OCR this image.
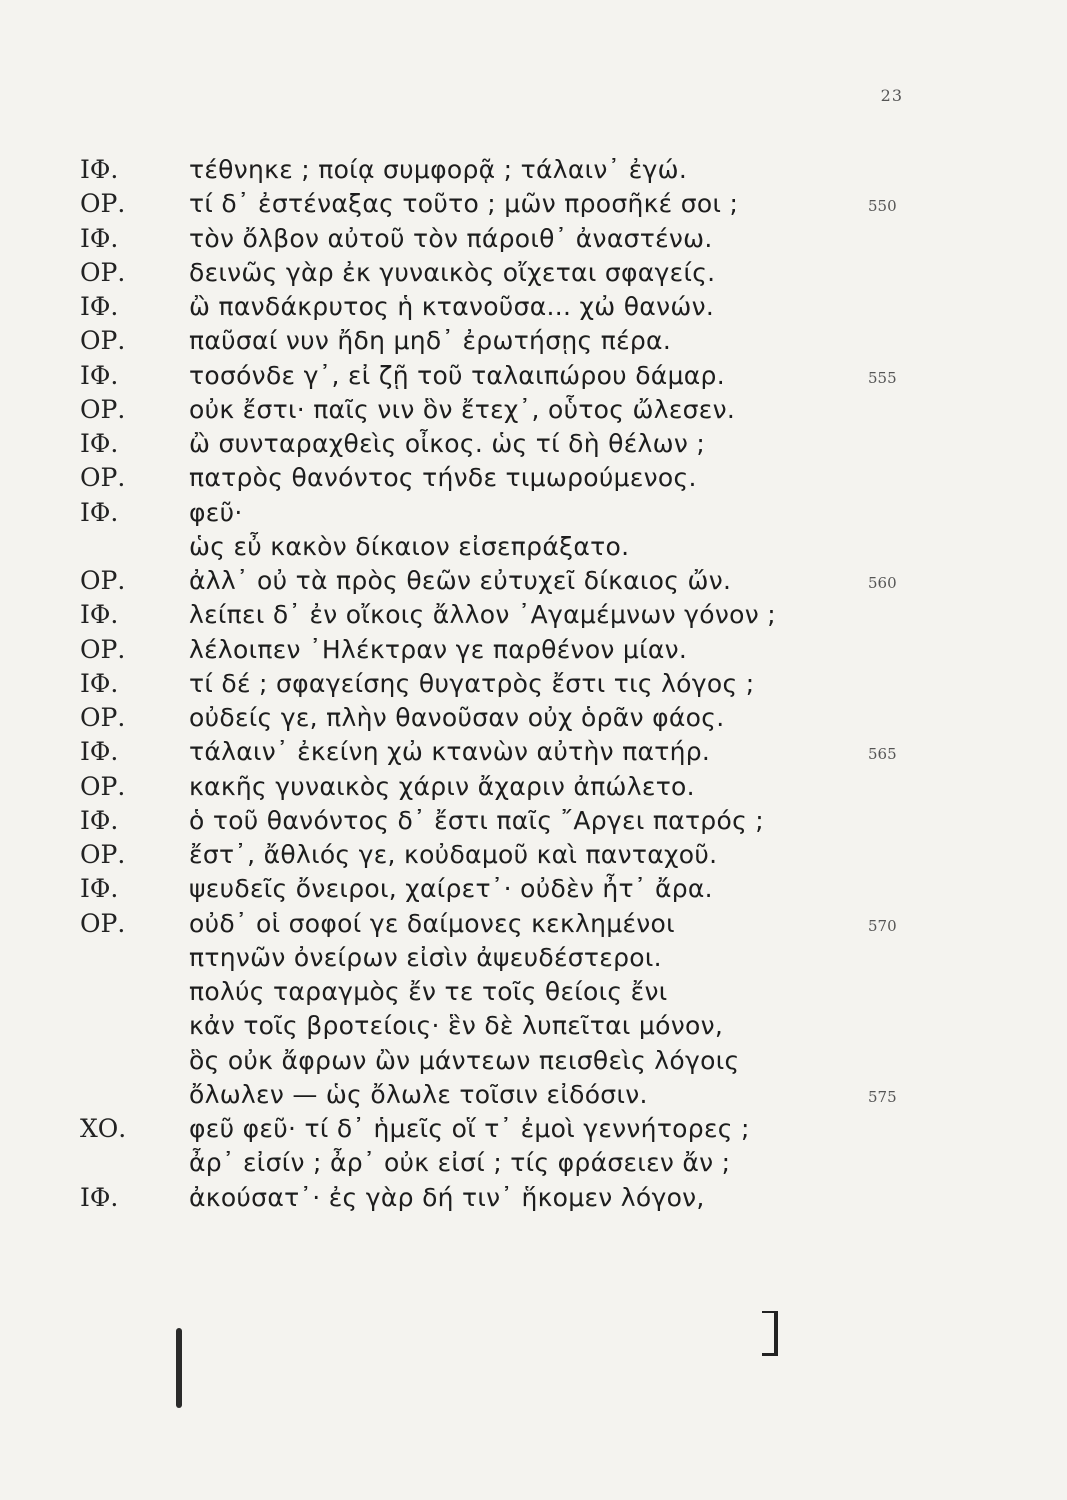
23
ΙΦ.	τέθνηκε ; ποίᾳ συμφορᾷ ; τάλαιν᾽ ἐγώ.
ΟΡ.	τί δ᾽ ἐστέναξας τοῦτο ; μῶν προσῆκέ σοι ;	550
ΙΦ.	τὸν ὄλβον αὐτοῦ τὸν πάροιθ᾽ ἀναστένω.
ΟΡ.	δεινῶς γὰρ ἐκ γυναικὸς οἴχεται σφαγείς.
ΙΦ.	ὢ πανδάκρυτος ἡ κτανοῦσα... χὠ θανών.
ΟΡ.	παῦσαί νυν ἤδη μηδ᾽ ἐρωτήσῃς πέρα.
ΙΦ.	τοσόνδε γ᾽, εἰ ζῇ τοῦ ταλαιπώρου δάμαρ.	555
ΟΡ.	οὐκ ἔστι· παῖς νιν ὃν ἔτεχ᾽, οὗτος ὤλεσεν.
ΙΦ.	ὢ συνταραχθεὶς οἶκος. ὡς τί δὴ θέλων ;
ΟΡ.	πατρὸς θανόντος τήνδε τιμωρούμενος.
ΙΦ.	φεῦ·
ὡς εὖ κακὸν δίκαιον εἰσεπράξατο.
ΟΡ.	ἀλλ᾽ οὐ τὰ πρὸς θεῶν εὐτυχεῖ δίκαιος ὤν.	560
ΙΦ.	λείπει δ᾽ ἐν οἴκοις ἄλλον ᾽Αγαμέμνων γόνον ;
ΟΡ.	λέλοιπεν ᾽Ηλέκτραν γε παρθένον μίαν.
ΙΦ.	τί δέ ; σφαγείσης θυγατρὸς ἔστι τις λόγος ;
ΟΡ.	οὐδείς γε, πλὴν θανοῦσαν οὐχ ὁρᾶν φάος.
ΙΦ.	τάλαιν᾽ ἐκείνη χὠ κτανὼν αὐτὴν πατήρ.	565
ΟΡ.	κακῆς γυναικὸς χάριν ἄχαριν ἀπώλετο.
ΙΦ.	ὁ τοῦ θανόντος δ᾽ ἔστι παῖς ῎Αργει πατρός ;
ΟΡ.	ἔστ᾽, ἄθλιός γε, κοὐδαμοῦ καὶ πανταχοῦ.
ΙΦ.	ψευδεῖς ὄνειροι, χαίρετ᾽· οὐδὲν ἦτ᾽ ἄρα.
ΟΡ.	οὐδ᾽ οἱ σοφοί γε δαίμονες κεκλημένοι	570
πτηνῶν ὀνείρων εἰσὶν ἀψευδέστεροι.
πολύς ταραγμὸς ἔν τε τοῖς θείοις ἔνι
κἀν τοῖς βροτείοις· ἓν δὲ λυπεῖται μόνον,
ὃς οὐκ ἄφρων ὢν μάντεων πεισθεὶς λόγοις
ὄλωλεν — ὡς ὄλωλε τοῖσιν εἰδόσιν.	575
ΧΟ.	φεῦ φεῦ· τί δ᾽ ἡμεῖς οἵ τ᾽ ἐμοὶ γεννήτορες ;
ἆρ᾽ εἰσίν ; ἆρ᾽ οὐκ εἰσί ; τίς φράσειεν ἄν ;
ΙΦ.	ἀκούσατ᾽· ἐς γὰρ δή τιν᾽ ἥκομεν λόγον,
